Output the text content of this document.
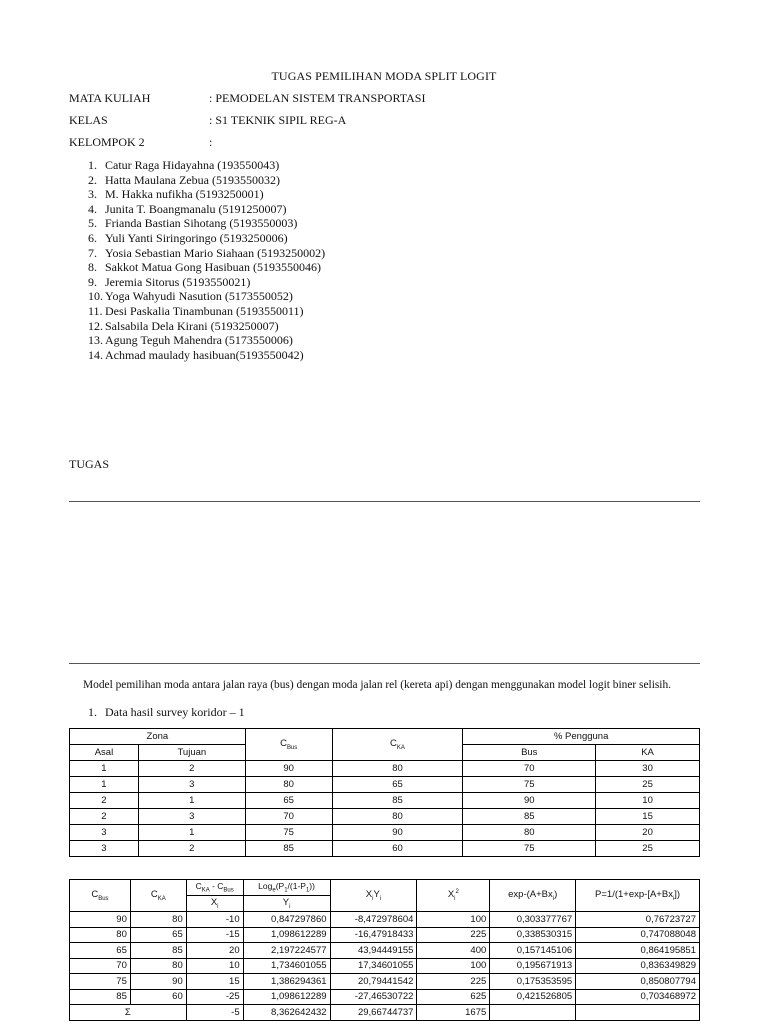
TUGAS PEMILIHAN MODA SPLIT LOGIT
MATA KULIAH	: PEMODELAN SISTEM TRANSPORTASI
KELAS	: S1 TEKNIK SIPIL REG-A
KELOMPOK 2	:
1. Catur Raga Hidayahna (193550043)
2. Hatta Maulana Zebua (5193550032)
3. M. Hakka nufikha (5193250001)
4. Junita T. Boangmanalu (5191250007)
5. Frianda Bastian Sihotang (5193550003)
6. Yuli Yanti Siringoringo (5193250006)
7. Yosia Sebastian Mario Siahaan (5193250002)
8. Sakkot Matua Gong Hasibuan (5193550046)
9. Jeremia Sitorus (5193550021)
10. Yoga Wahyudi Nasution (5173550052)
11. Desi Paskalia Tinambunan (5193550011)
12. Salsabila Dela Kirani (5193250007)
13. Agung Teguh Mahendra (5173550006)
14. Achmad maulady hasibuan(5193550042)
TUGAS
Model pemilihan moda antara jalan raya (bus) dengan moda jalan rel (kereta api) dengan menggunakan model logit biner selisih.
1. Data hasil survey koridor – 1
Zona		$C_{Bus}$	$C_{KA}$	% Pengguna	
Asal	Tujuan			Bus	KA
1	2	90	80	70	30
1	3	80	65	75	25
2	1	65	85	90	10
2	3	70	80	85	15
3	1	75	90	80	20
3	2	85	60	75	25
$C_{Bus}$	$C_{KA}$	$C_{KA} - C_{Bus}$	$Log_e(P_1/(1-P_1))$	$X_iY_i$	$X_i^2$	$\exp-(A+Bx_i)$	$P=1/(1+\exp-[A+Bx_i])$
		$X_i$	$Y_i$
90	80	-10	0,847297860	-8,472978604	100	0,303377767	0,76723727
80	65	-15	1,098612289	-16,47918433	225	0,338530315	0,747088048
65	85	20	2,197224577	43,94449155	400	0,157145106	0,864195851
70	80	10	1,734601055	17,34601055	100	0,195671913	0,836349829
75	90	15	1,386294361	20,79441542	225	0,175353595	0,850807794
85	60	-25	1,098612289	-27,46530722	625	0,421526805	0,703468972
Σ		-5	8,362642432	29,66744737	1675		
